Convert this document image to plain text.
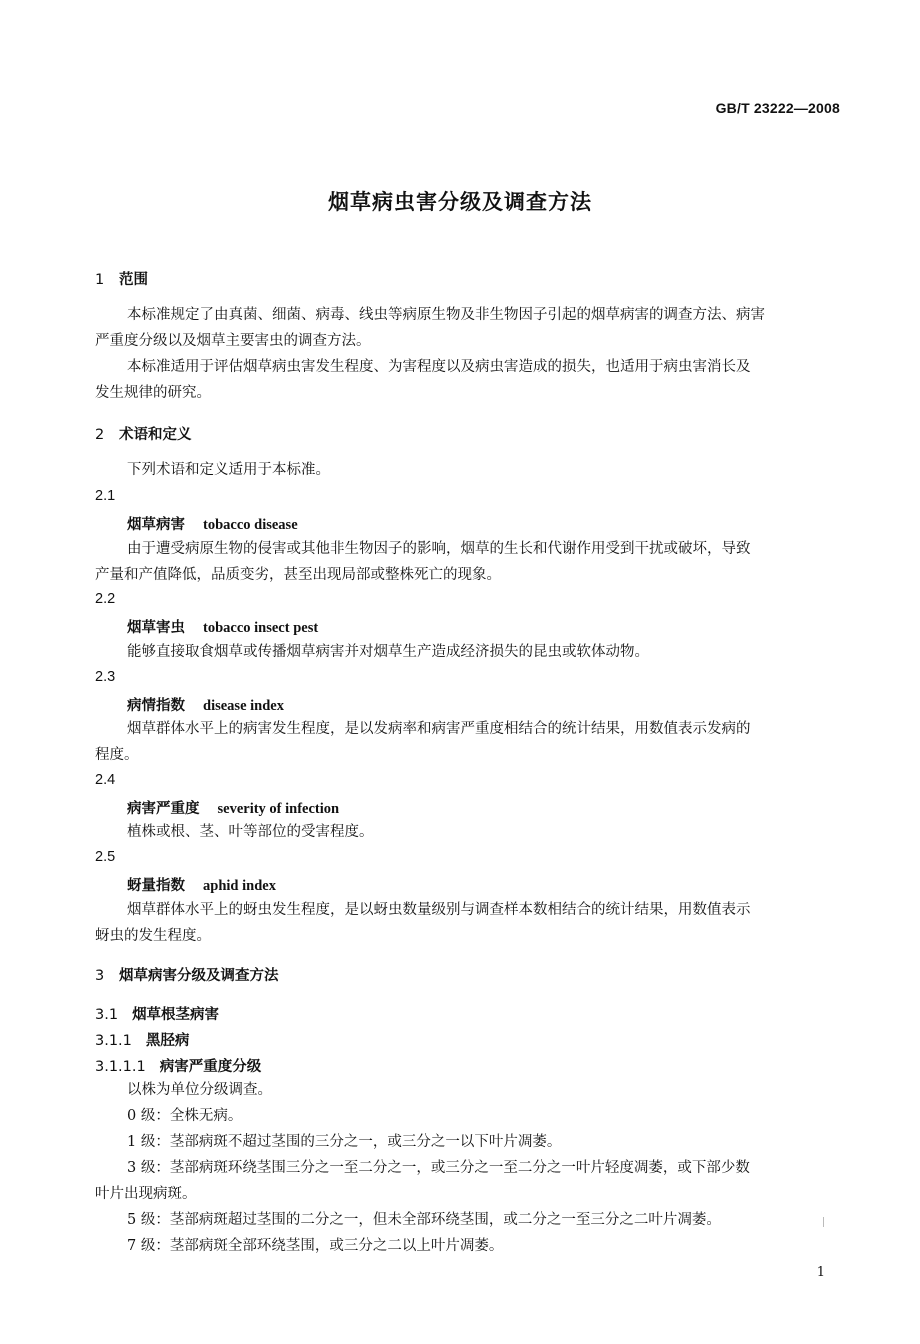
GB/T 23222—2008
烟草病虫害分级及调查方法
1 范围
本标准规定了由真菌、细菌、病毒、线虫等病原生物及非生物因子引起的烟草病害的调查方法、病害
严重度分级以及烟草主要害虫的调查方法。
本标准适用于评估烟草病虫害发生程度、为害程度以及病虫害造成的损失，也适用于病虫害消长及
发生规律的研究。
2 术语和定义
下列术语和定义适用于本标准。
2.1
烟草病害 tobacco disease
由于遭受病原生物的侵害或其他非生物因子的影响，烟草的生长和代谢作用受到干扰或破坏，导致
产量和产值降低，品质变劣，甚至出现局部或整株死亡的现象。
2.2
烟草害虫 tobacco insect pest
能够直接取食烟草或传播烟草病害并对烟草生产造成经济损失的昆虫或软体动物。
2.3
病情指数 disease index
烟草群体水平上的病害发生程度，是以发病率和病害严重度相结合的统计结果，用数值表示发病的
程度。
2.4
病害严重度 severity of infection
植株或根、茎、叶等部位的受害程度。
2.5
蚜量指数 aphid index
烟草群体水平上的蚜虫发生程度，是以蚜虫数量级别与调查样本数相结合的统计结果，用数值表示
蚜虫的发生程度。
3 烟草病害分级及调查方法
3.1 烟草根茎病害
3.1.1 黑胫病
3.1.1.1 病害严重度分级
以株为单位分级调查。
0 级：全株无病。
1 级：茎部病斑不超过茎围的三分之一，或三分之一以下叶片凋萎。
3 级：茎部病斑环绕茎围三分之一至二分之一，或三分之一至二分之一叶片轻度凋萎，或下部少数
叶片出现病斑。
5 级：茎部病斑超过茎围的二分之一，但未全部环绕茎围，或二分之一至三分之二叶片凋萎。
7 级：茎部病斑全部环绕茎围，或三分之二以上叶片凋萎。
1
